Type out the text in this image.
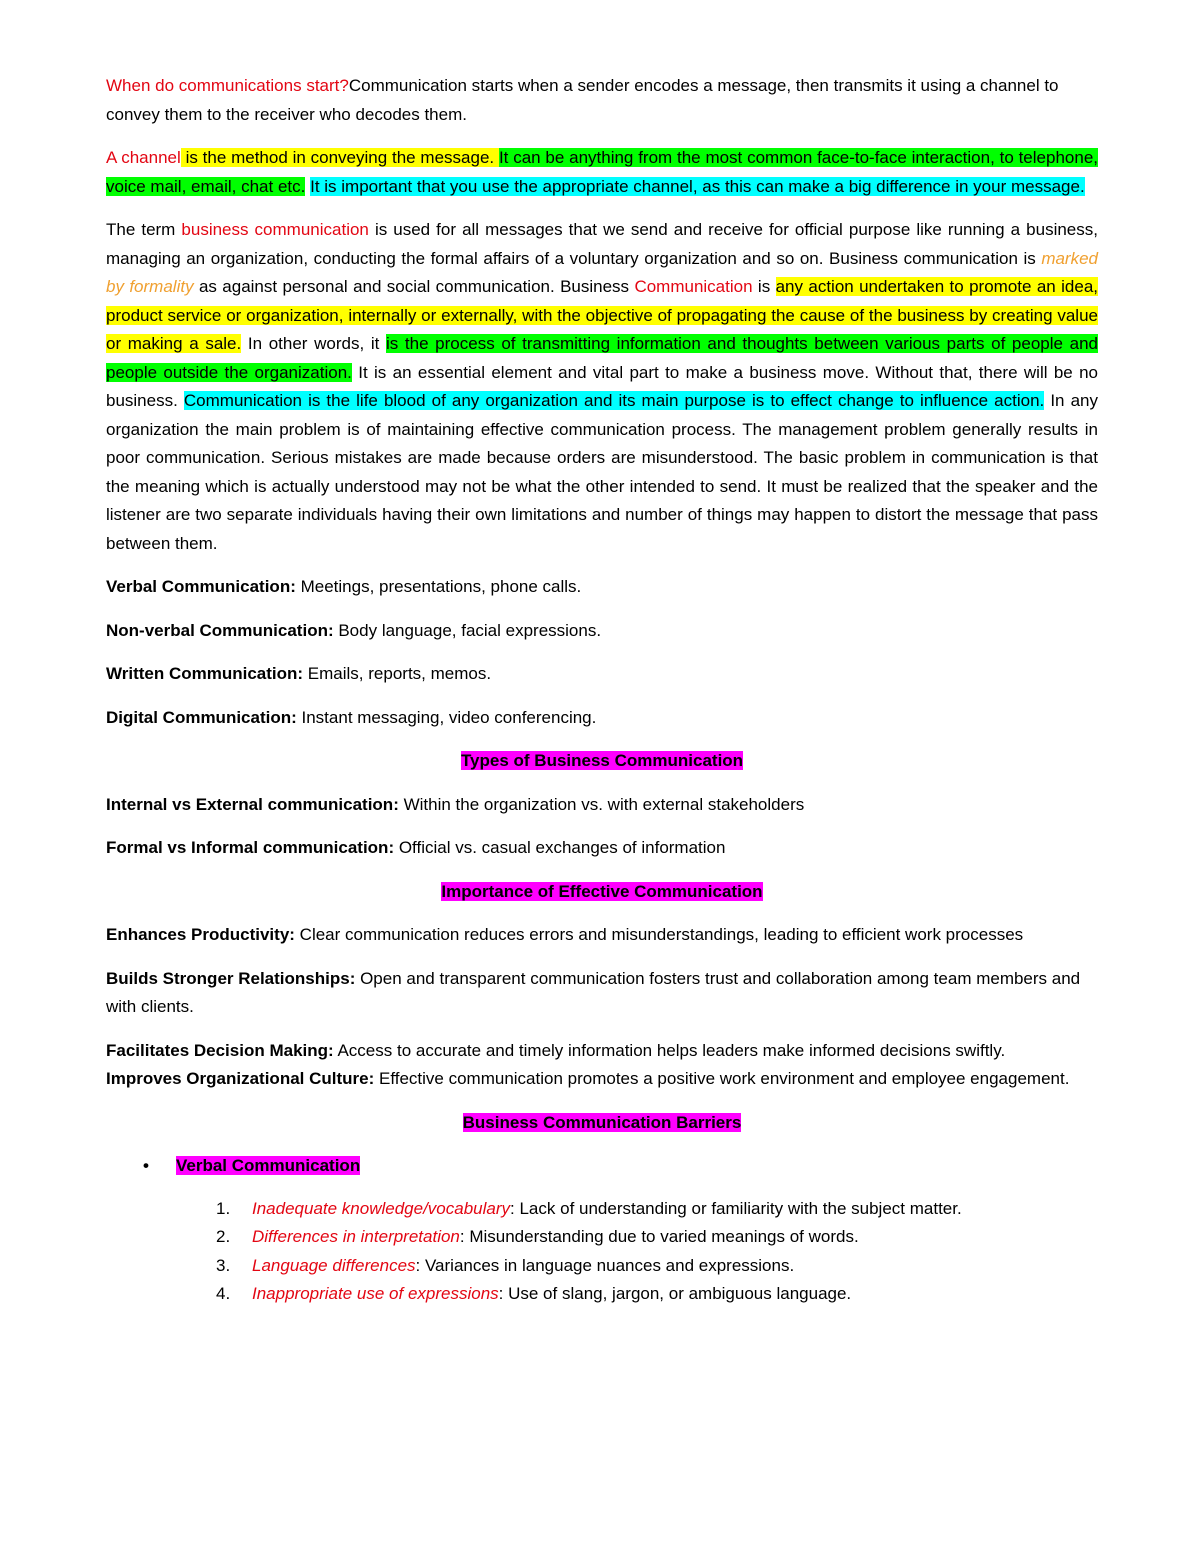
When do communications start?Communication starts when a sender encodes a message, then transmits it using a channel to convey them to the receiver who decodes them.

A channel is the method in conveying the message. It can be anything from the most common face-to-face interaction, to telephone, voice mail, email, chat etc. It is important that you use the appropriate channel, as this can make a big difference in your message.

The term business communication is used for all messages that we send and receive for official purpose like running a business, managing an organization, conducting the formal affairs of a voluntary organization and so on. Business communication is marked by formality as against personal and social communication. Business Communication is any action undertaken to promote an idea, product service or organization, internally or externally, with the objective of propagating the cause of the business by creating value or making a sale. In other words, it is the process of transmitting information and thoughts between various parts of people and people outside the organization. It is an essential element and vital part to make a business move. Without that, there will be no business. Communication is the life blood of any organization and its main purpose is to effect change to influence action. In any organization the main problem is of maintaining effective communication process. The management problem generally results in poor communication. Serious mistakes are made because orders are misunderstood. The basic problem in communication is that the meaning which is actually understood may not be what the other intended to send. It must be realized that the speaker and the listener are two separate individuals having their own limitations and number of things may happen to distort the message that pass between them.

Verbal Communication: Meetings, presentations, phone calls.

Non-verbal Communication: Body language, facial expressions.

Written Communication: Emails, reports, memos.

Digital Communication: Instant messaging, video conferencing.

Types of Business Communication

Internal vs External communication: Within the organization vs. with external stakeholders

Formal vs Informal communication: Official vs. casual exchanges of information

Importance of Effective Communication

Enhances Productivity: Clear communication reduces errors and misunderstandings, leading to efficient work processes

Builds Stronger Relationships: Open and transparent communication fosters trust and collaboration among team members and with clients.

Facilitates Decision Making: Access to accurate and timely information helps leaders make informed decisions swiftly.

Improves Organizational Culture: Effective communication promotes a positive work environment and employee engagement.

Business Communication Barriers

• Verbal Communication
1. Inadequate knowledge/vocabulary: Lack of understanding or familiarity with the subject matter.
2. Differences in interpretation: Misunderstanding due to varied meanings of words.
3. Language differences: Variances in language nuances and expressions.
4. Inappropriate use of expressions: Use of slang, jargon, or ambiguous language.
